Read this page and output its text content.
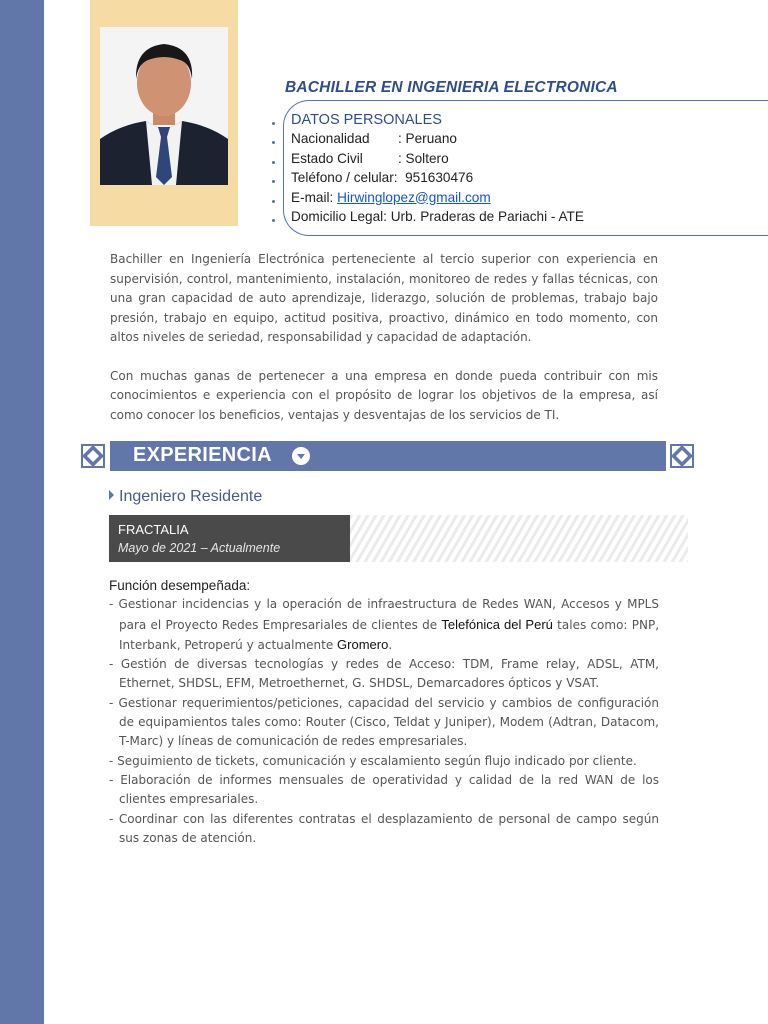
BACHILLER EN INGENIERIA ELECTRONICA
DATOS PERSONALES
Nacionalidad : Peruano
Estado Civil	: Soltero
Teléfono / celular: 951630476
E-mail: Hirwinglopez@gmail.com
Domicilio Legal: Urb. Praderas de Pariachi - ATE

Bachiller en Ingeniería Electrónica perteneciente al tercio superior con experiencia en supervisión, control, mantenimiento, instalación, monitoreo de redes y fallas técnicas, con una gran capacidad de auto aprendizaje, liderazgo, solución de problemas, trabajo bajo presión, trabajo en equipo, actitud positiva, proactivo, dinámico en todo momento, con altos niveles de seriedad, responsabilidad y capacidad de adaptación.

Con muchas ganas de pertenecer a una empresa en donde pueda contribuir con mis conocimientos e experiencia con el propósito de lograr los objetivos de la empresa, así como conocer los beneficios, ventajas y desventajas de los servicios de TI.

EXPERIENCIA
Ingeniero Residente
FRACTALIA
Mayo de 2021 – Actualmente
Función desempeñada:
- Gestionar incidencias y la operación de infraestructura de Redes WAN, Accesos y MPLS para el Proyecto Redes Empresariales de clientes de Telefónica del Perú tales como: PNP, Interbank, Petroperú y actualmente Gromero.
- Gestión de diversas tecnologías y redes de Acceso: TDM, Frame relay, ADSL, ATM, Ethernet, SHDSL, EFM, Metroethernet, G. SHDSL, Demarcadores ópticos y VSAT.
- Gestionar requerimientos/peticiones, capacidad del servicio y cambios de configuración de equipamientos tales como: Router (Cisco, Teldat y Juniper), Modem (Adtran, Datacom, T-Marc) y líneas de comunicación de redes empresariales.
- Seguimiento de tickets, comunicación y escalamiento según flujo indicado por cliente.
- Elaboración de informes mensuales de operatividad y calidad de la red WAN de los clientes empresariales.
- Coordinar con las diferentes contratas el desplazamiento de personal de campo según sus zonas de atención.
